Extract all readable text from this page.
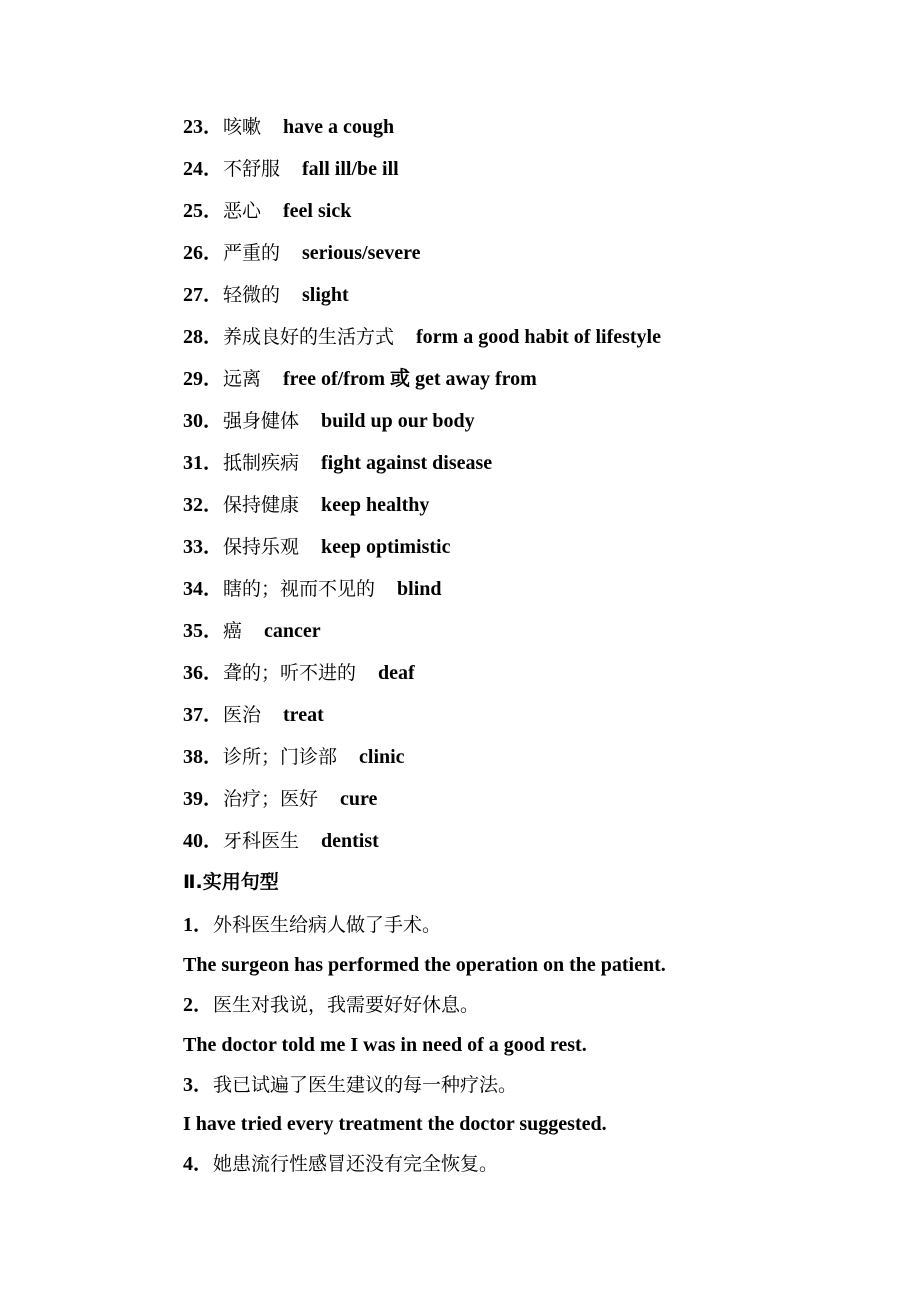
23．咳嗽 have a cough
24．不舒服 fall ill/be ill
25．恶心 feel sick
26．严重的 serious/severe
27．轻微的 slight
28．养成良好的生活方式 form a good habit of lifestyle
29．远离 free of/from 或 get away from
30．强身健体 build up our body
31．抵制疾病 fight against disease
32．保持健康 keep healthy
33．保持乐观 keep optimistic
34．瞎的；视而不见的 blind
35．癌 cancer
36．聋的；听不进的 deaf
37．医治 treat
38．诊所；门诊部 clinic
39．治疗；医好 cure
40．牙科医生 dentist
Ⅱ.实用句型
1．外科医生给病人做了手术。
The surgeon has performed the operation on the patient.
2．医生对我说，我需要好好休息。
The doctor told me I was in need of a good rest.
3．我已试遍了医生建议的每一种疗法。
I have tried every treatment the doctor suggested.
4．她患流行性感冒还没有完全恢复。
